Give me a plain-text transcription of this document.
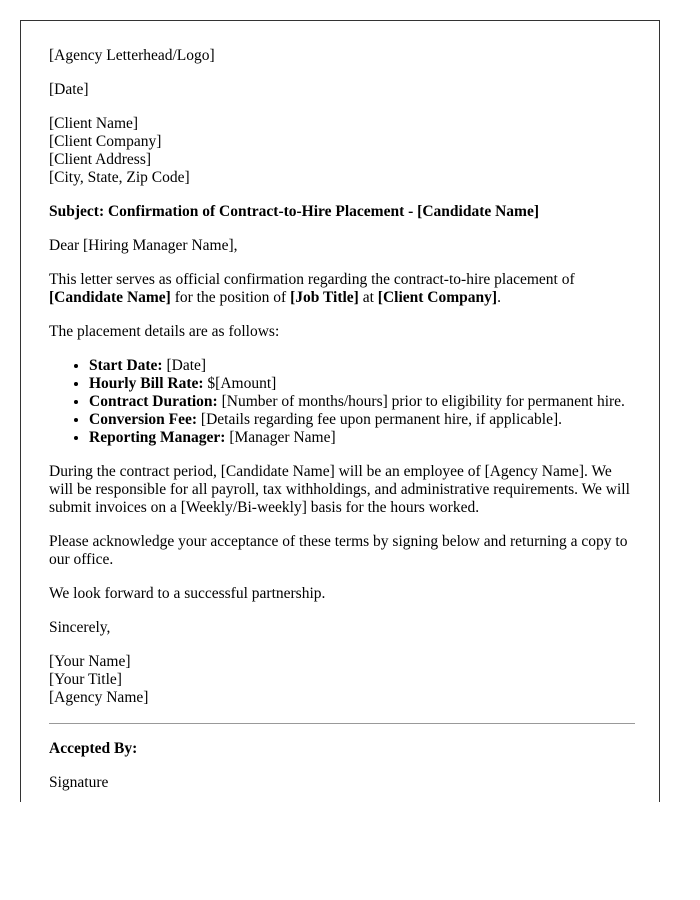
[Agency Letterhead/Logo]

[Date]

[Client Name]
[Client Company]
[Client Address]
[City, State, Zip Code]

Subject: Confirmation of Contract-to-Hire Placement - [Candidate Name]

Dear [Hiring Manager Name],

This letter serves as official confirmation regarding the contract-to-hire placement of [Candidate Name] for the position of [Job Title] at [Client Company].

The placement details are as follows:

• Start Date: [Date]
• Hourly Bill Rate: $[Amount]
• Contract Duration: [Number of months/hours] prior to eligibility for permanent hire.
• Conversion Fee: [Details regarding fee upon permanent hire, if applicable].
• Reporting Manager: [Manager Name]

During the contract period, [Candidate Name] will be an employee of [Agency Name]. We will be responsible for all payroll, tax withholdings, and administrative requirements. We will submit invoices on a [Weekly/Bi-weekly] basis for the hours worked.

Please acknowledge your acceptance of these terms by signing below and returning a copy to our office.

We look forward to a successful partnership.

Sincerely,

[Your Name]
[Your Title]
[Agency Name]

Accepted By:

Signature
